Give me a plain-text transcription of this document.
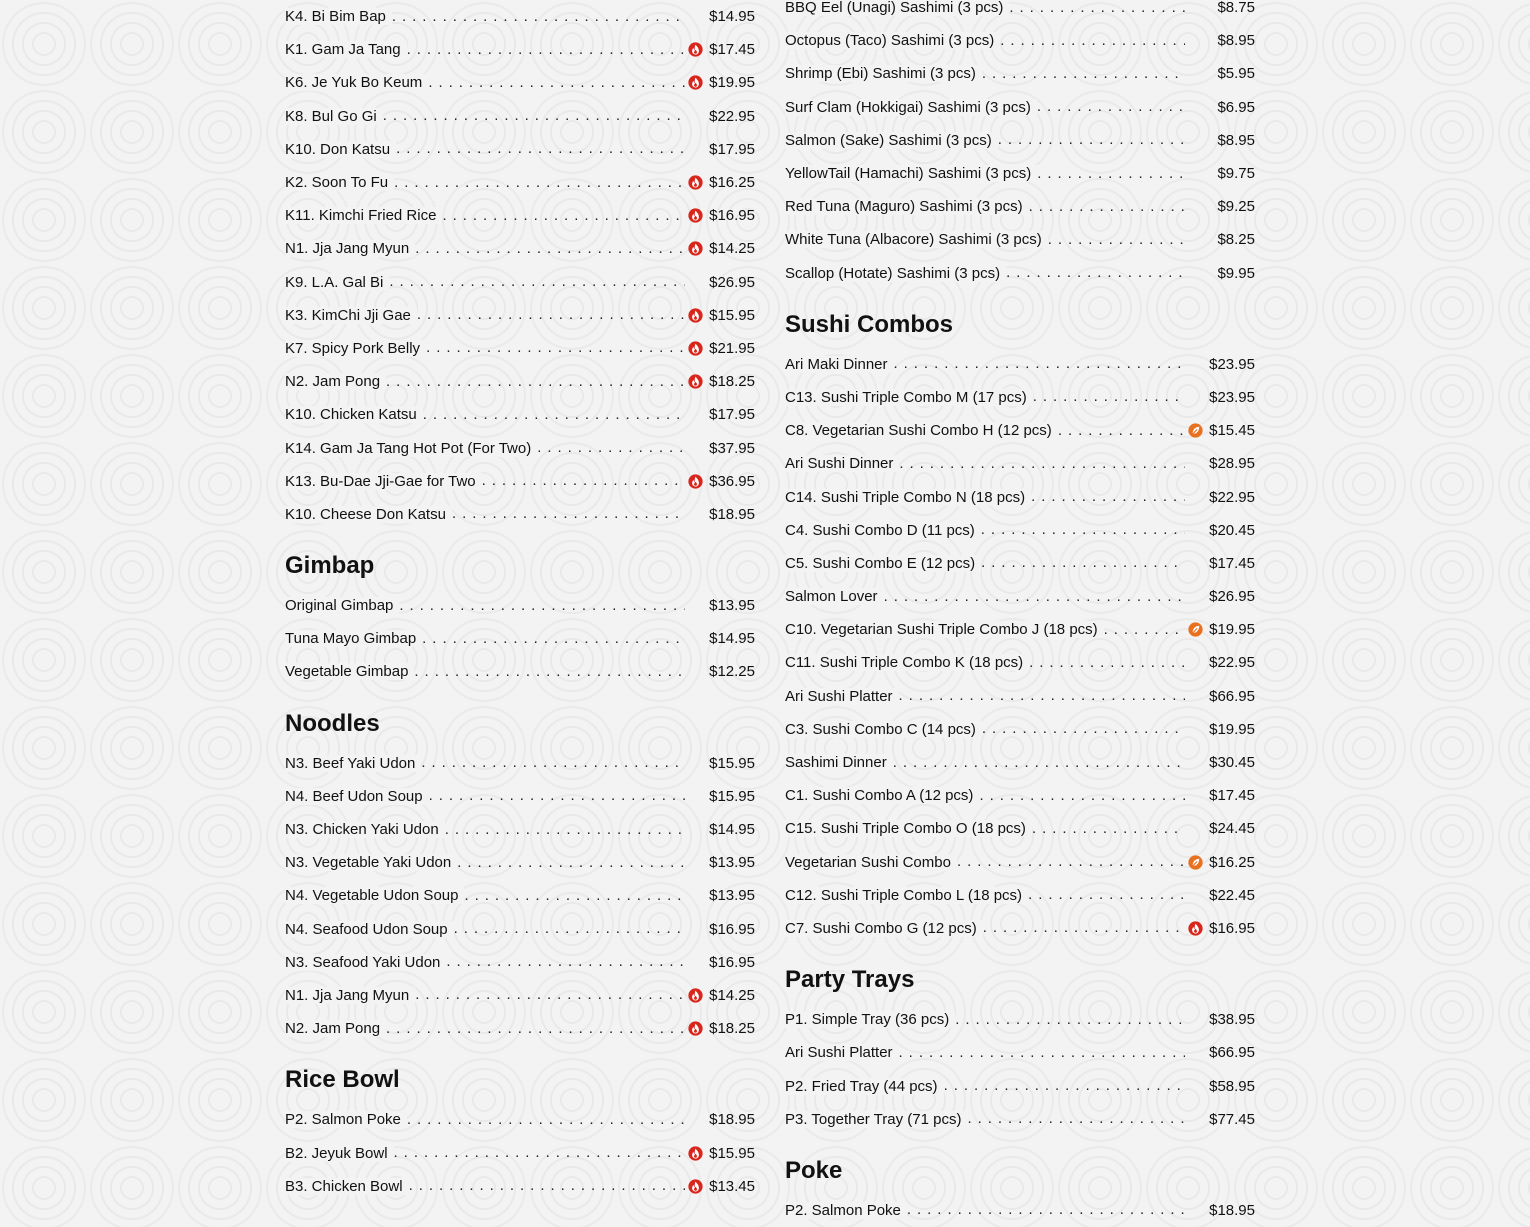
K4. Bi Bim Bap . . .	$14.95
K1. Gam Ja Tang . . .	$17.45
K6. Je Yuk Bo Keum . . .	$19.95
K8. Bul Go Gi . . .	$22.95
K10. Don Katsu . . .	$17.95
K2. Soon To Fu . . .	$16.25
K11. Kimchi Fried Rice . . .	$16.95
N1. Jja Jang Myun . . .	$14.25
K9. L.A. Gal Bi . . .	$26.95
K3. KimChi Jji Gae . . .	$15.95
K7. Spicy Pork Belly . . .	$21.95
N2. Jam Pong . . .	$18.25
K10. Chicken Katsu . . .	$17.95
K14. Gam Ja Tang Hot Pot (For Two) . . .	$37.95
K13. Bu-Dae Jji-Gae for Two . . .	$36.95
K10. Cheese Don Katsu . . .	$18.95
Gimbap
Original Gimbap . . .	$13.95
Tuna Mayo Gimbap . . .	$14.95
Vegetable Gimbap . . .	$12.25
Noodles
N3. Beef Yaki Udon . . .	$15.95
N4. Beef Udon Soup . . .	$15.95
N3. Chicken Yaki Udon . . .	$14.95
N3. Vegetable Yaki Udon . . .	$13.95
N4. Vegetable Udon Soup . . .	$13.95
N4. Seafood Udon Soup . . .	$16.95
N3. Seafood Yaki Udon . . .	$16.95
N1. Jja Jang Myun . . .	$14.25
N2. Jam Pong . . .	$18.25
Rice Bowl
P2. Salmon Poke . . .	$18.95
B2. Jeyuk Bowl . . .	$15.95
B3. Chicken Bowl . . .	$13.45
BBQ Eel (Unagi) Sashimi (3 pcs) . . .	$8.75
Octopus (Taco) Sashimi (3 pcs) . . .	$8.95
Shrimp (Ebi) Sashimi (3 pcs) . . .	$5.95
Surf Clam (Hokkigai) Sashimi (3 pcs) . . .	$6.95
Salmon (Sake) Sashimi (3 pcs) . . .	$8.95
YellowTail (Hamachi) Sashimi (3 pcs) . . .	$9.75
Red Tuna (Maguro) Sashimi (3 pcs) . . .	$9.25
White Tuna (Albacore) Sashimi (3 pcs) . . .	$8.25
Scallop (Hotate) Sashimi (3 pcs) . . .	$9.95
Sushi Combos
Ari Maki Dinner . . .	$23.95
C13. Sushi Triple Combo M (17 pcs) . . .	$23.95
C8. Vegetarian Sushi Combo H (12 pcs) . . .	$15.45
Ari Sushi Dinner . . .	$28.95
C14. Sushi Triple Combo N (18 pcs) . . .	$22.95
C4. Sushi Combo D (11 pcs) . . .	$20.45
C5. Sushi Combo E (12 pcs) . . .	$17.45
Salmon Lover . . .	$26.95
C10. Vegetarian Sushi Triple Combo J (18 pcs) . . .	$19.95
C11. Sushi Triple Combo K (18 pcs) . . .	$22.95
Ari Sushi Platter . . .	$66.95
C3. Sushi Combo C (14 pcs) . . .	$19.95
Sashimi Dinner . . .	$30.45
C1. Sushi Combo A (12 pcs) . . .	$17.45
C15. Sushi Triple Combo O (18 pcs) . . .	$24.45
Vegetarian Sushi Combo . . .	$16.25
C12. Sushi Triple Combo L (18 pcs) . . .	$22.45
C7. Sushi Combo G (12 pcs) . . .	$16.95
Party Trays
P1. Simple Tray (36 pcs) . . .	$38.95
Ari Sushi Platter . . .	$66.95
P2. Fried Tray (44 pcs) . . .	$58.95
P3. Together Tray (71 pcs) . . .	$77.45
Poke
P2. Salmon Poke . . .	$18.95
